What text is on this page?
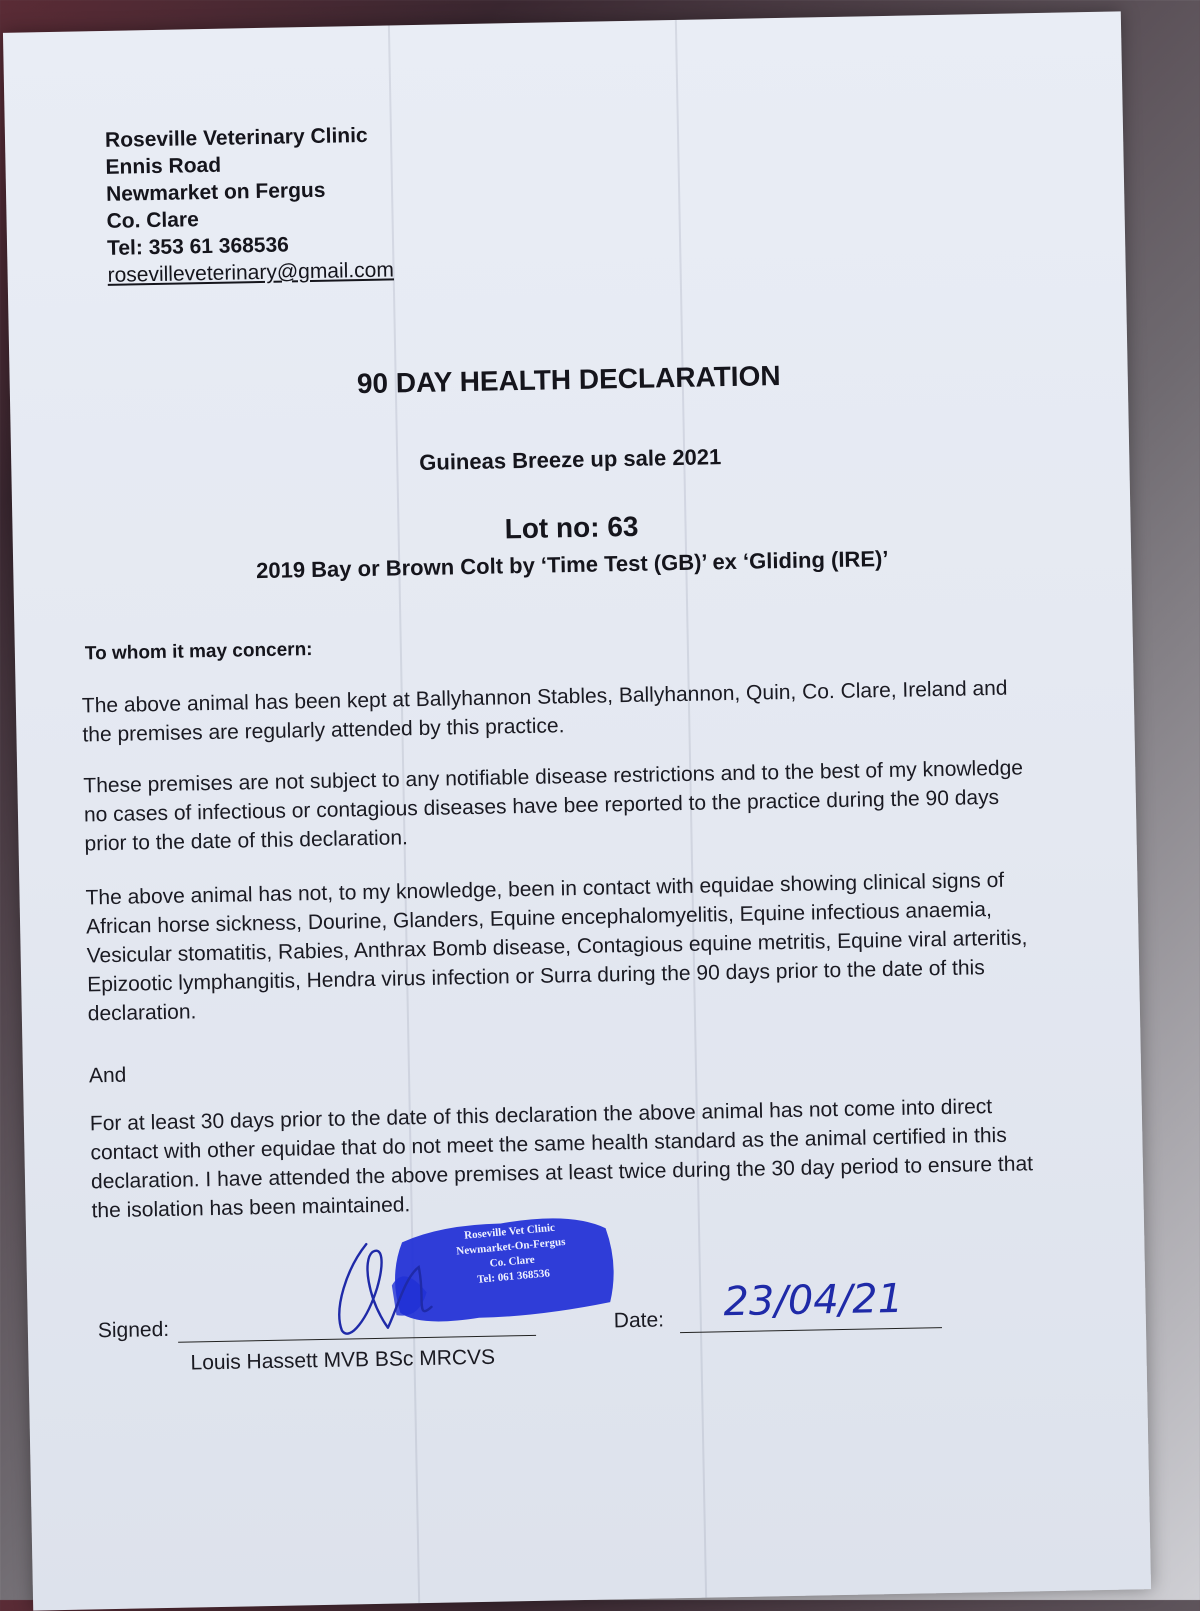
Roseville Veterinary Clinic
Ennis Road
Newmarket on Fergus
Co. Clare
Tel: 353 61 368536
rosevilleveterinary@gmail.com
90 DAY HEALTH DECLARATION
Guineas Breeze up sale 2021
Lot no: 63
2019 Bay or Brown Colt by ‘Time Test (GB)’ ex ‘Gliding (IRE)’
To whom it may concern:
The above animal has been kept at Ballyhannon Stables, Ballyhannon, Quin, Co. Clare, Ireland and the premises are regularly attended by this practice.
These premises are not subject to any notifiable disease restrictions and to the best of my knowledge no cases of infectious or contagious diseases have bee reported to the practice during the 90 days prior to the date of this declaration.
The above animal has not, to my knowledge, been in contact with equidae showing clinical signs of African horse sickness, Dourine, Glanders, Equine encephalomyelitis, Equine infectious anaemia, Vesicular stomatitis, Rabies, Anthrax Bomb disease, Contagious equine metritis, Equine viral arteritis, Epizootic lymphangitis, Hendra virus infection or Surra during the 90 days prior to the date of this declaration.
And
For at least 30 days prior to the date of this declaration the above animal has not come into direct contact with other equidae that do not meet the same health standard as the animal certified in this declaration. I have attended the above premises at least twice during the 30 day period to ensure that the isolation has been maintained.
Roseville Vet Clinic
Newmarket-On-Fergus
Co. Clare
Tel: 061 368536
Signed:
Louis Hassett MVB BSc MRCVS
Date: 23/04/21
